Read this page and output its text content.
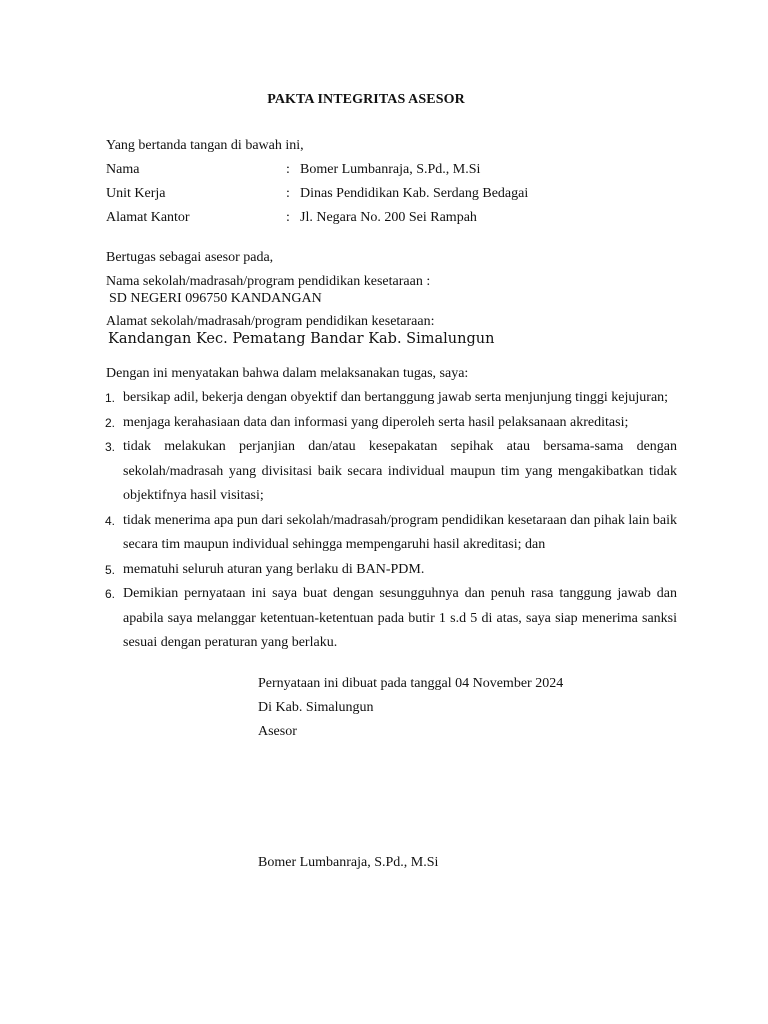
PAKTA INTEGRITAS ASESOR
Yang bertanda tangan di bawah ini,
Nama	: Bomer Lumbanraja, S.Pd., M.Si
Unit Kerja	: Dinas Pendidikan Kab. Serdang Bedagai
Alamat Kantor	: Jl. Negara No. 200 Sei Rampah
Bertugas sebagai asesor pada,
Nama sekolah/madrasah/program pendidikan kesetaraan :
SD NEGERI 096750 KANDANGAN
Alamat sekolah/madrasah/program pendidikan kesetaraan:
Kandangan Kec. Pematang Bandar Kab. Simalungun
Dengan ini menyatakan bahwa dalam melaksanakan tugas, saya:
1. bersikap adil, bekerja dengan obyektif dan bertanggung jawab serta menjunjung tinggi kejujuran;
2. menjaga kerahasiaan data dan informasi yang diperoleh serta hasil pelaksanaan akreditasi;
3. tidak melakukan perjanjian dan/atau kesepakatan sepihak atau bersama-sama dengan sekolah/madrasah yang divisitasi baik secara individual maupun tim yang mengakibatkan tidak objektifnya hasil visitasi;
4. tidak menerima apa pun dari sekolah/madrasah/program pendidikan kesetaraan dan pihak lain baik secara tim maupun individual sehingga mempengaruhi hasil akreditasi; dan
5. mematuhi seluruh aturan yang berlaku di BAN-PDM.
6. Demikian pernyataan ini saya buat dengan sesungguhnya dan penuh rasa tanggung jawab dan apabila saya melanggar ketentuan-ketentuan pada butir 1 s.d 5 di atas, saya siap menerima sanksi sesuai dengan peraturan yang berlaku.
Pernyataan ini dibuat pada tanggal 04 November 2024
Di Kab. Simalungun
Asesor
Bomer Lumbanraja, S.Pd., M.Si
